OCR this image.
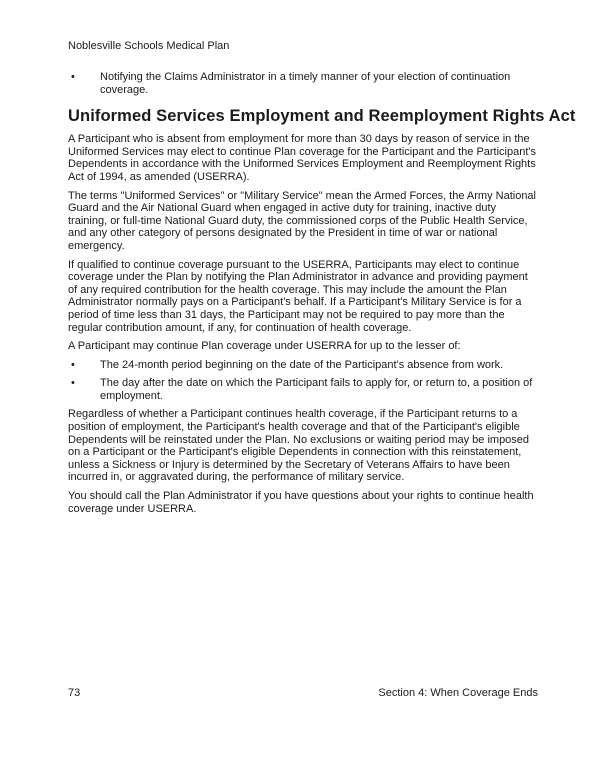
Noblesville Schools Medical Plan
•	Notifying the Claims Administrator in a timely manner of your election of continuation coverage.
Uniformed Services Employment and Reemployment Rights Act

A Participant who is absent from employment for more than 30 days by reason of service in the Uniformed Services may elect to continue Plan coverage for the Participant and the Participant's Dependents in accordance with the Uniformed Services Employment and Reemployment Rights Act of 1994, as amended (USERRA).

The terms "Uniformed Services" or "Military Service" mean the Armed Forces, the Army National Guard and the Air National Guard when engaged in active duty for training, inactive duty training, or full-time National Guard duty, the commissioned corps of the Public Health Service, and any other category of persons designated by the President in time of war or national emergency.

If qualified to continue coverage pursuant to the USERRA, Participants may elect to continue coverage under the Plan by notifying the Plan Administrator in advance and providing payment of any required contribution for the health coverage. This may include the amount the Plan Administrator normally pays on a Participant's behalf. If a Participant's Military Service is for a period of time less than 31 days, the Participant may not be required to pay more than the regular contribution amount, if any, for continuation of health coverage.

A Participant may continue Plan coverage under USERRA for up to the lesser of:

•	The 24-month period beginning on the date of the Participant's absence from work.
•	The day after the date on which the Participant fails to apply for, or return to, a position of employment.

Regardless of whether a Participant continues health coverage, if the Participant returns to a position of employment, the Participant's health coverage and that of the Participant's eligible Dependents will be reinstated under the Plan. No exclusions or waiting period may be imposed on a Participant or the Participant's eligible Dependents in connection with this reinstatement, unless a Sickness or Injury is determined by the Secretary of Veterans Affairs to have been incurred in, or aggravated during, the performance of military service.

You should call the Plan Administrator if you have questions about your rights to continue health coverage under USERRA.

73	Section 4: When Coverage Ends
